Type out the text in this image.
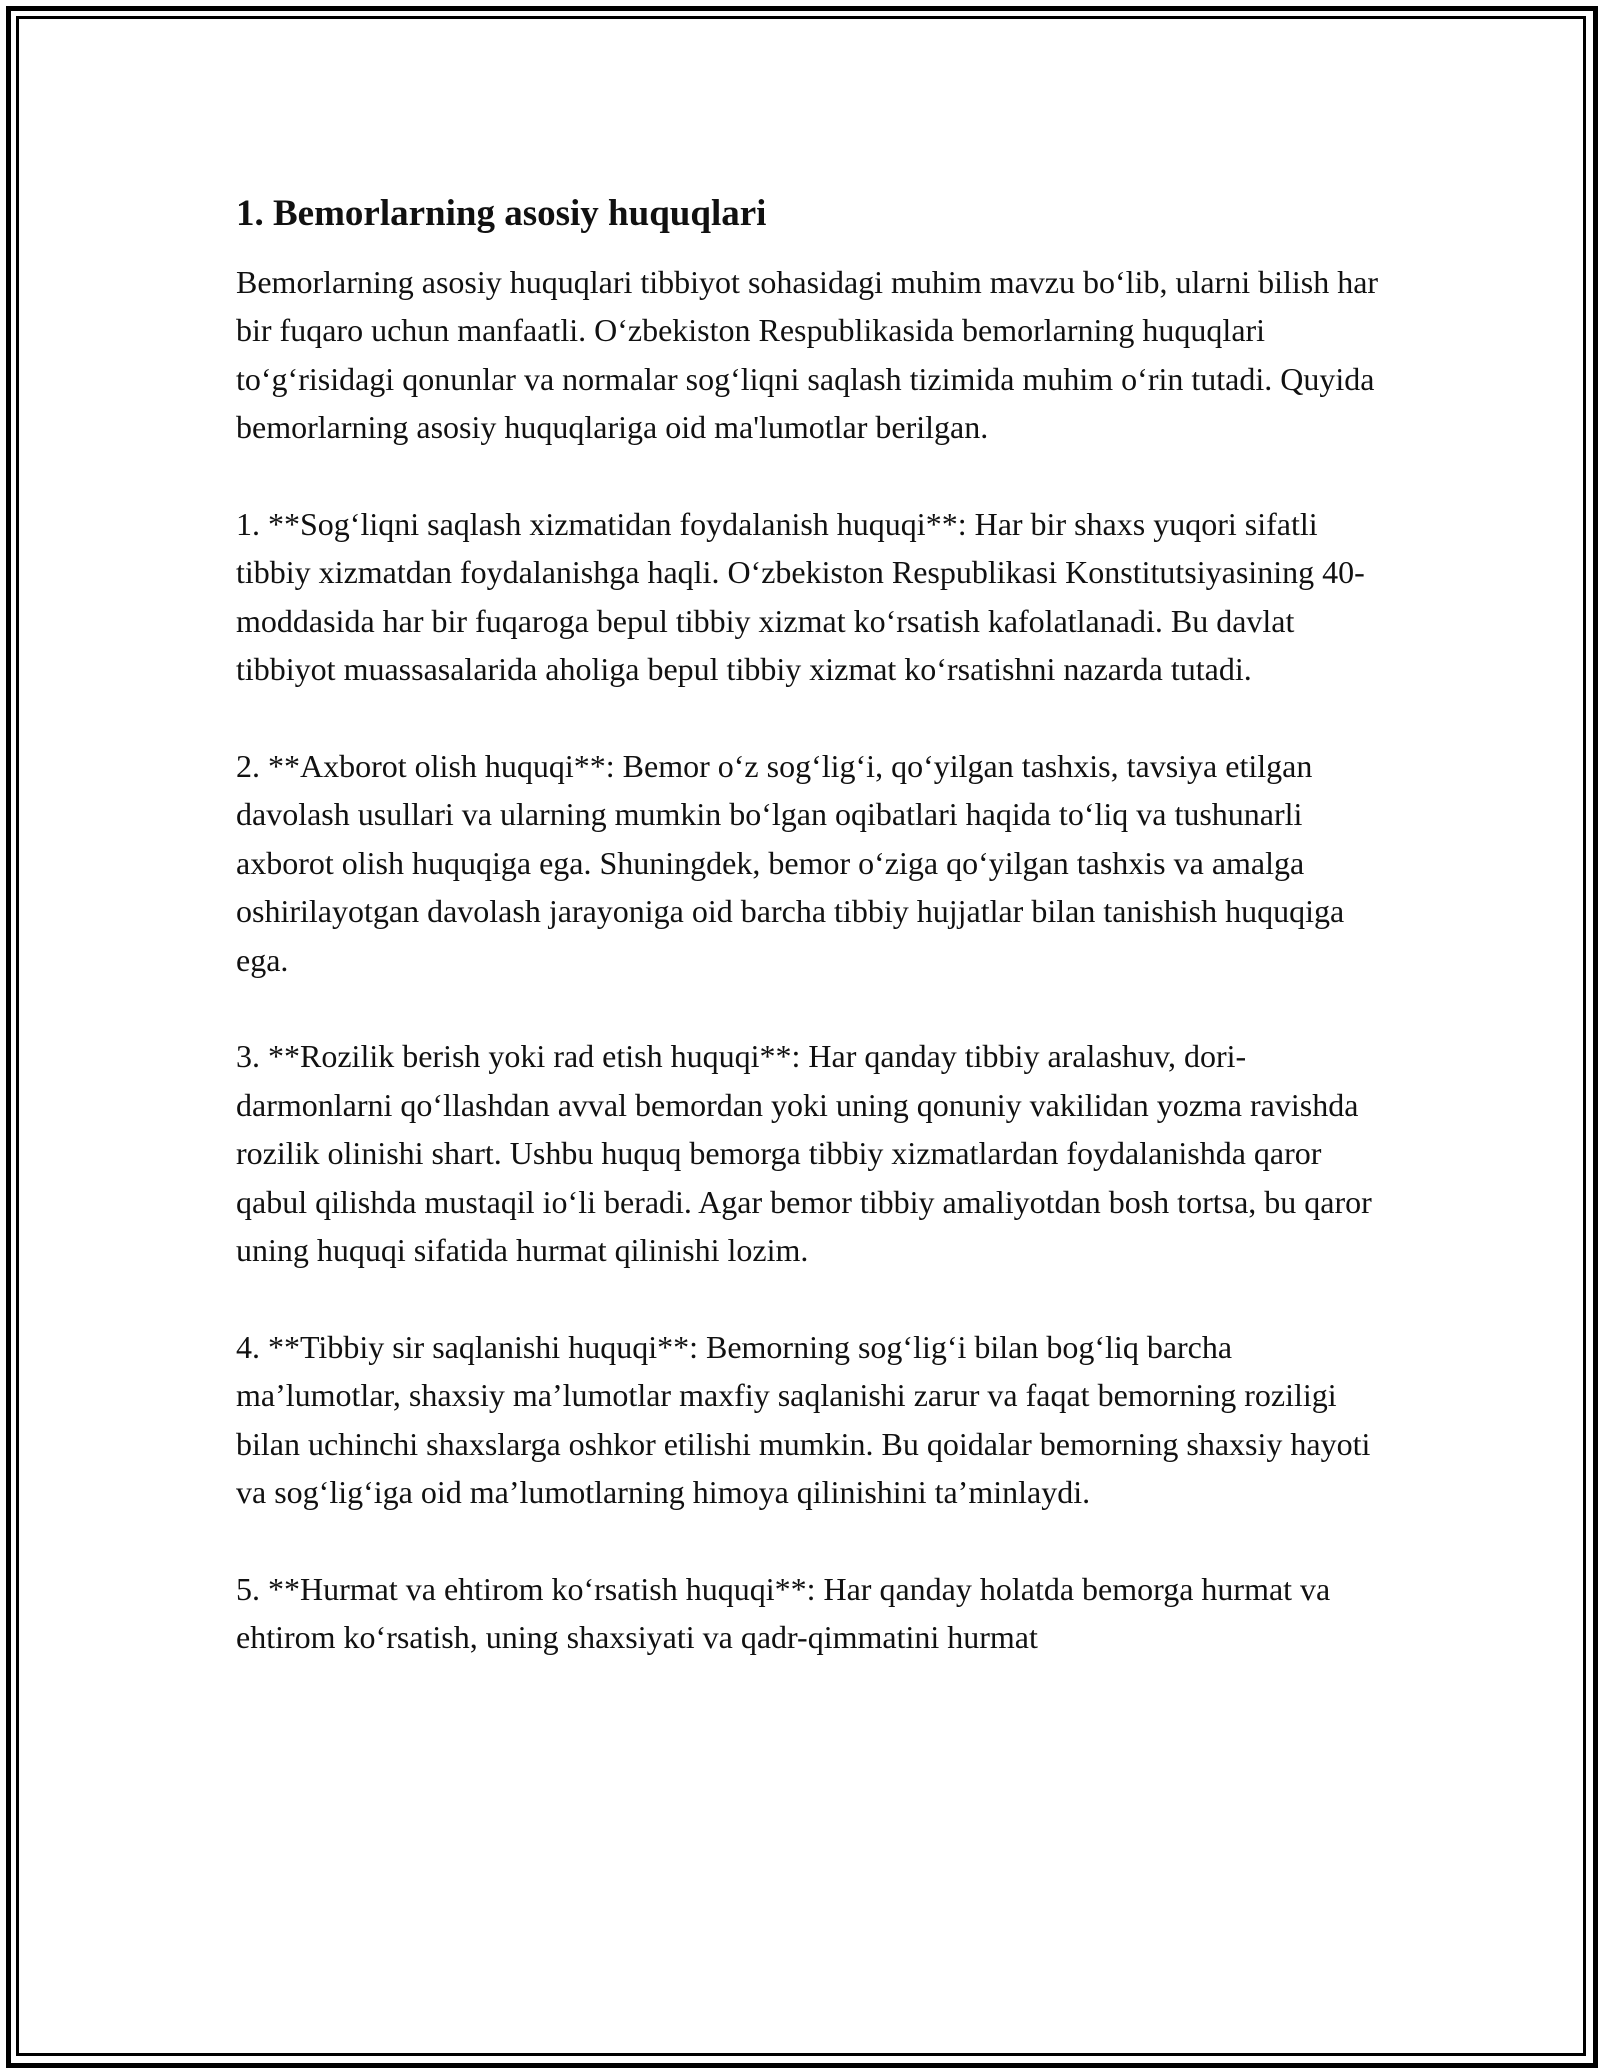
1. Bemorlarning asosiy huquqlari

Bemorlarning asosiy huquqlari tibbiyot sohasidagi muhim mavzu bo‘lib, ularni bilish har bir fuqaro uchun manfaatli. O‘zbekiston Respublikasida bemorlarning huquqlari to‘g‘risidagi qonunlar va normalar sog‘liqni saqlash tizimida muhim o‘rin tutadi. Quyida bemorlarning asosiy huquqlariga oid ma'lumotlar berilgan.

1. **Sog‘liqni saqlash xizmatidan foydalanish huquqi**: Har bir shaxs yuqori sifatli tibbiy xizmatdan foydalanishga haqli. O‘zbekiston Respublikasi Konstitutsiyasining 40-moddasida har bir fuqaroga bepul tibbiy xizmat ko‘rsatish kafolatlanadi. Bu davlat tibbiyot muassasalarida aholiga bepul tibbiy xizmat ko‘rsatishni nazarda tutadi.

2. **Axborot olish huquqi**: Bemor o‘z sog‘lig‘i, qo‘yilgan tashxis, tavsiya etilgan davolash usullari va ularning mumkin bo‘lgan oqibatlari haqida to‘liq va tushunarli axborot olish huquqiga ega. Shuningdek, bemor o‘ziga qo‘yilgan tashxis va amalga oshirilayotgan davolash jarayoniga oid barcha tibbiy hujjatlar bilan tanishish huquqiga ega.

3. **Rozilik berish yoki rad etish huquqi**: Har qanday tibbiy aralashuv, dori-darmonlarni qo‘llashdan avval bemordan yoki uning qonuniy vakilidan yozma ravishda rozilik olinishi shart. Ushbu huquq bemorga tibbiy xizmatlardan foydalanishda qaror qabul qilishda mustaqil io‘li beradi. Agar bemor tibbiy amaliyotdan bosh tortsa, bu qaror uning huquqi sifatida hurmat qilinishi lozim.

4. **Tibbiy sir saqlanishi huquqi**: Bemorning sog‘lig‘i bilan bog‘liq barcha ma’lumotlar, shaxsiy ma’lumotlar maxfiy saqlanishi zarur va faqat bemorning roziligi bilan uchinchi shaxslarga oshkor etilishi mumkin. Bu qoidalar bemorning shaxsiy hayoti va sog‘lig‘iga oid ma’lumotlarning himoya qilinishini ta’minlaydi.

5. **Hurmat va ehtirom ko‘rsatish huquqi**: Har qanday holatda bemorga hurmat va ehtirom ko‘rsatish, uning shaxsiyati va qadr-qimmatini hurmat
